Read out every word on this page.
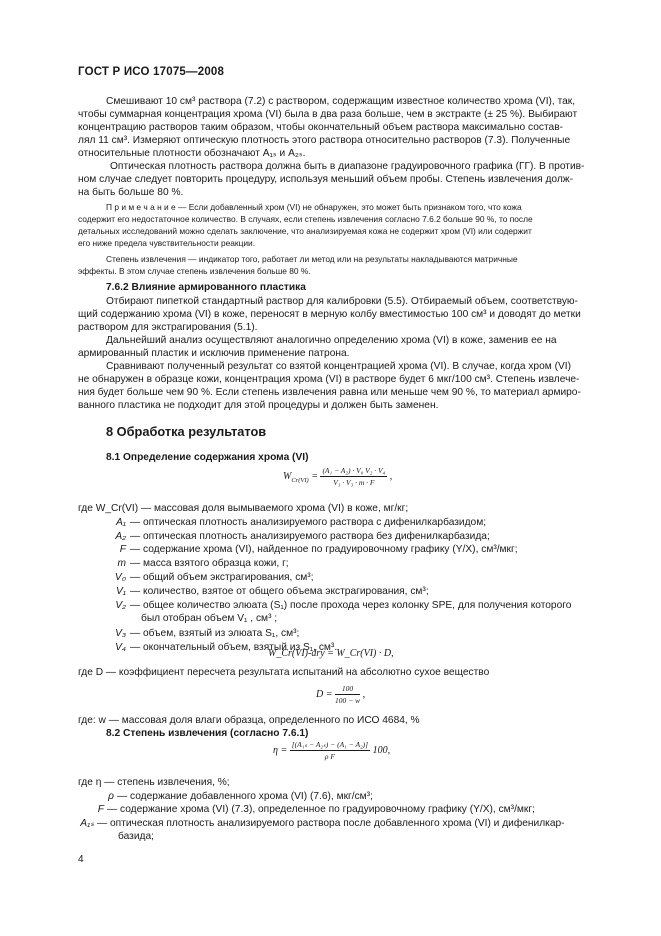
ГОСТ Р ИСО 17075—2008
Смешивают 10 см³ раствора (7.2) с раствором, содержащим известное количество хрома (VI), так,
чтобы суммарная концентрация хрома (VI) была в два раза больше, чем в экстракте (± 25 %). Выбирают
концентрацию растворов таким образом, чтобы окончательный объем раствора максимально состав-
лял 11 см³. Измеряют оптическую плотность этого раствора относительно растворов (7.3). Полученные
относительные плотности обозначают A₁ₛ и A₂ₛ.
Оптическая плотность раствора должна быть в диапазоне градуировочного графика (ГГ). В против-
ном случае следует повторить процедуру, используя меньший объем пробы. Степень извлечения долж-
на быть больше 80 %.
П р и м е ч а н и е — Если добавленный хром (VI) не обнаружен, это может быть признаком того, что кожа
содержит его недостаточное количество. В случаях, если степень извлечения согласно 7.6.2 больше 90 %, то после
детальных исследований можно сделать заключение, что анализируемая кожа не содержит хром (VI) или содержит
его ниже предела чувствительности реакции.
Степень извлечения — индикатор того, работает ли метод или на результаты накладываются матричные
эффекты. В этом случае степень извлечения больше 80 %.
7.6.2 Влияние армированного пластика
Отбирают пипеткой стандартный раствор для калибровки (5.5). Отбираемый объем, соответствую-
щий содержанию хрома (VI) в коже, переносят в мерную колбу вместимостью 100 см³ и доводят до метки
раствором для экстрагирования (5.1).
Дальнейший анализ осуществляют аналогично определению хрома (VI) в коже, заменив ее на
армированный пластик и исключив применение патрона.
Сравнивают полученный результат со взятой концентрацией хрома (VI). В случае, когда хром (VI)
не обнаружен в образце кожи, концентрация хрома (VI) в растворе будет 6 мкг/100 см³. Степень извлече-
ния будет больше чем 90 %. Если степень извлечения равна или меньше чем 90 %, то материал армиро-
ванного пластика не подходит для этой процедуры и должен быть заменен.
8 Обработка результатов
8.1 Определение содержания хрома (VI)
$W_{Cr(VI)} = \frac{\text{(A₁ − A₂) · V₀ V₂ · V₄}}{\text{V₁ · V₃ · m · F}}$ ,
где W_Cr(VI) — массовая доля вымываемого хрома (VI) в коже, мг/кг;
A₁ — оптическая плотность анализируемого раствора с дифенилкарбазидом;
A₂ — оптическая плотность анализируемого раствора без дифенилкарбазида;
F — содержание хрома (VI), найденное по градуировочному графику (Y/X), см³/мкг;
m — масса взятого образца кожи, г;
V₀ — общий объем экстрагирования, см³;
V₁ — количество, взятое от общего объема экстрагирования, см³;
V₂ — общее количество элюата (S₁) после прохода через колонку SPE, для получения которого
был отобран объем V₁ , см³ ;
V₃ — объем, взятый из элюата S₁, см³;
V₄ — окончательный объем, взятый из S₁, см³.
W_Cr(VI)-dry = W_Cr(VI) · D,
где D — коэффициент пересчета результата испытаний на абсолютно сухое вещество
$D = \frac{100}{100 - w}$ ,
где: w — массовая доля влаги образца, определенного по ИСО 4684, %
8.2 Степень извлечения (согласно 7.6.1)
$\eta = \frac{\text{[(A₁ₛ − A₂ₛ) − (A₁ − A₂)]}}{\text{ρ F}} 100$,
где η — степень извлечения, %;
ρ — содержание добавленного хрома (VI) (7.6), мкг/см³;
F — содержание хрома (VI) (7.3), определенное по градуировочному графику (Y/X), см³/мкг;
A₁ₛ — оптическая плотность анализируемого раствора после добавленного хрома (VI) и дифенилкар-
базида;
4
